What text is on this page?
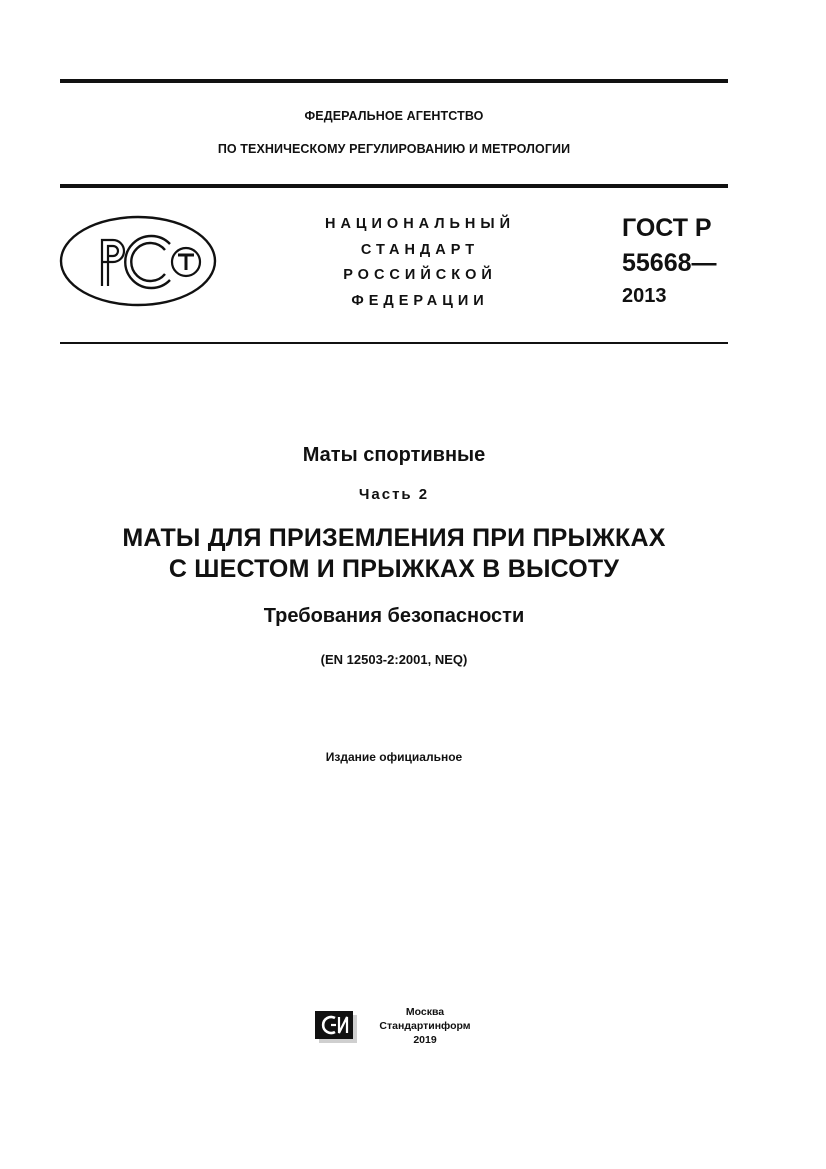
ФЕДЕРАЛЬНОЕ АГЕНТСТВО
ПО ТЕХНИЧЕСКОМУ РЕГУЛИРОВАНИЮ И МЕТРОЛОГИИ
НАЦИОНАЛЬНЫЙ
СТАНДАРТ
РОССИЙСКОЙ
ФЕДЕРАЦИИ
ГОСТ Р
55668—
2013
Маты спортивные
Часть 2
МАТЫ ДЛЯ ПРИЗЕМЛЕНИЯ ПРИ ПРЫЖКАХ
С ШЕСТОМ И ПРЫЖКАХ В ВЫСОТУ
Требования безопасности
(EN 12503-2:2001, NEQ)
Издание официальное
Москва
Стандартинформ
2019
